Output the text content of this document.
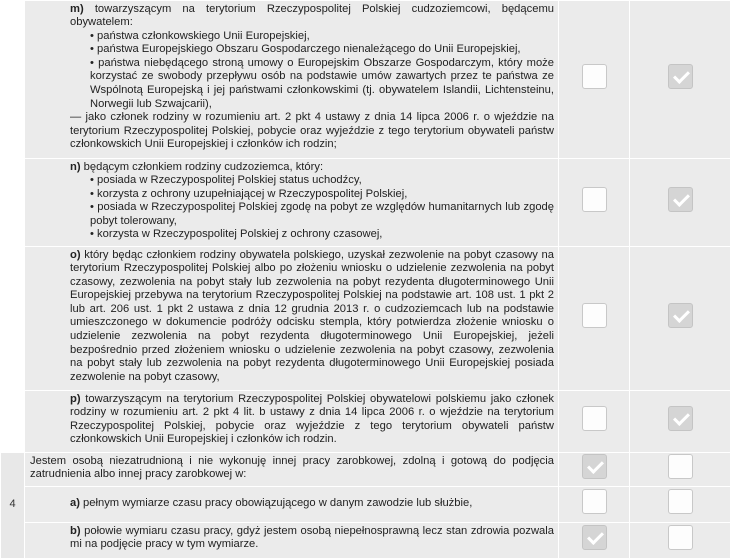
	m) towarzyszącym na terytorium Rzeczypospolitej Polskiej cudzoziemcowi, będącemu obywatelem:
• państwa członkowskiego Unii Europejskiej,
• państwa Europejskiego Obszaru Gospodarczego nienależącego do Unii Europejskiej,
• państwa niebędącego stroną umowy o Europejskim Obszarze Gospodarczym, który może korzystać ze swobody przepływu osób na podstawie umów zawartych przez te państwa ze Wspólnotą Europejską i jej państwami członkowskimi (tj. obywatelem Islandii, Lichtensteinu, Norwegii lub Szwajcarii),
— jako członek rodziny w rozumieniu art. 2 pkt 4 ustawy z dnia 14 lipca 2006 r. o wjeździe na terytorium Rzeczypospolitej Polskiej, pobycie oraz wyjeździe z tego terytorium obywateli państw członkowskich Unii Europejskiej i członków ich rodzin;		

	n) będącym członkiem rodziny cudzoziemca, który:
• posiada w Rzeczypospolitej Polskiej status uchodźcy,
• korzysta z ochrony uzupełniającej w Rzeczypospolitej Polskiej,
• posiada w Rzeczypospolitej Polskiej zgodę na pobyt ze względów humanitarnych lub zgodę pobyt tolerowany,
• korzysta w Rzeczypospolitej Polskiej z ochrony czasowej,		

	o) który będąc członkiem rodziny obywatela polskiego, uzyskał zezwolenie na pobyt czasowy na terytorium Rzeczypospolitej Polskiej albo po złożeniu wniosku o udzielenie zezwolenia na pobyt czasowy, zezwolenia na pobyt stały lub zezwolenia na pobyt rezydenta długoterminowego Unii Europejskiej przebywa na terytorium Rzeczypospolitej Polskiej na podstawie art. 108 ust. 1 pkt 2 lub art. 206 ust. 1 pkt 2 ustawa z dnia 12 grudnia 2013 r. o cudzoziemcach lub na podstawie umieszczonego w dokumencie podróży odcisku stempla, który potwierdza złożenie wniosku o udzielenie zezwolenia na pobyt rezydenta długoterminowego Unii Europejskiej, jeżeli bezpośrednio przed złożeniem wniosku o udzielenie zezwolenia na pobyt czasowy, zezwolenia na pobyt stały lub zezwolenia na pobyt rezydenta długoterminowego Unii Europejskiej posiada zezwolenie na pobyt czasowy,		

	p) towarzyszącym na terytorium Rzeczypospolitej Polskiej obywatelowi polskiemu jako członek rodziny w rozumieniu art. 2 pkt 4 lit. b ustawy z dnia 14 lipca 2006 r. o wjeździe na terytorium Rzeczypospolitej Polskiej, pobycie oraz wyjeździe z tego terytorium obywateli państw członkowskich Unii Europejskiej i członków ich rodzin.		

4	Jestem osobą niezatrudnioną i nie wykonuję innej pracy zarobkowej, zdolną i gotową do podjęcia zatrudnienia albo innej pracy zarobkowej w:		

	a) pełnym wymiarze czasu pracy obowiązującego w danym zawodzie lub służbie,		

	b) połowie wymiaru czasu pracy, gdyż jestem osobą niepełnosprawną lecz stan zdrowia pozwala mi na podjęcie pracy w tym wymiarze.		
